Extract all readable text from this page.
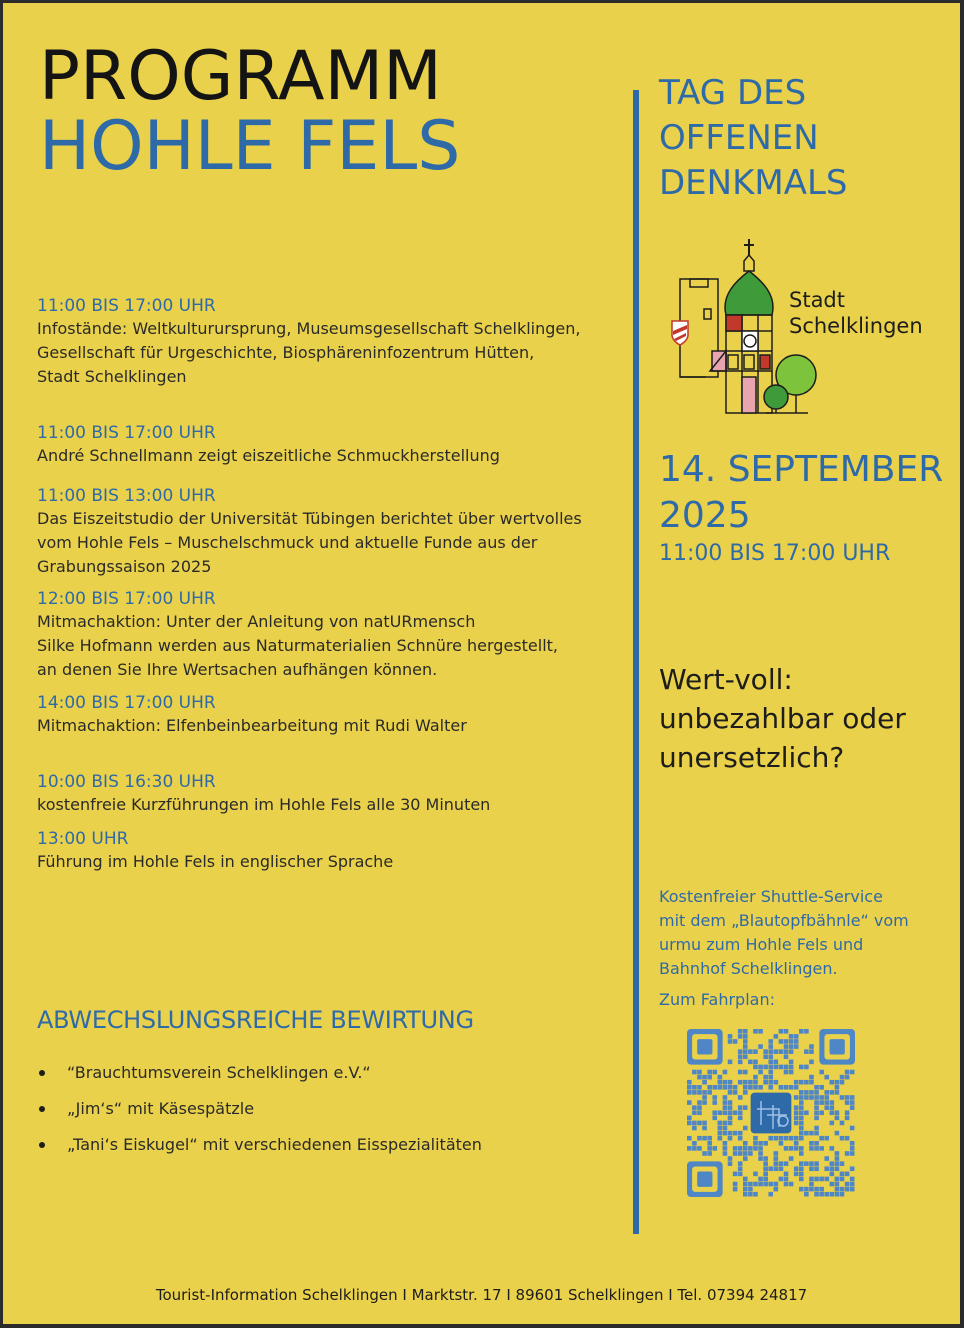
PROGRAMM
HOHLE FELS
11:00 BIS 17:00 UHR
Infostände: Weltkulturursprung, Museumsgesellschaft Schelklingen,
Gesellschaft für Urgeschichte, Biosphäreninfozentrum Hütten,
Stadt Schelklingen
11:00 BIS 17:00 UHR
André Schnellmann zeigt eiszeitliche Schmuckherstellung
11:00 BIS 13:00 UHR
Das Eiszeitstudio der Universität Tübingen berichtet über wertvolles
vom Hohle Fels – Muschelschmuck und aktuelle Funde aus der
Grabungssaison 2025
12:00 BIS 17:00 UHR
Mitmachaktion: Unter der Anleitung von natURmensch
Silke Hofmann werden aus Naturmaterialien Schnüre hergestellt,
an denen Sie Ihre Wertsachen aufhängen können.
14:00 BIS 17:00 UHR
Mitmachaktion: Elfenbeinbearbeitung mit Rudi Walter
10:00 BIS 16:30 UHR
kostenfreie Kurzführungen im Hohle Fels alle 30 Minuten
13:00 UHR
Führung im Hohle Fels in englischer Sprache
ABWECHSLUNGSREICHE BEWIRTUNG
“Brauchtumsverein Schelklingen e.V.“
„Jim‘s“ mit Käsespätzle
„Tani‘s Eiskugel“ mit verschiedenen Eisspezialitäten
TAG DES
OFFENEN
DENKMALS
Stadt
Schelklingen
14. SEPTEMBER
2025
11:00 BIS 17:00 UHR
Wert-voll:
unbezahlbar oder
unersetzlich?
Kostenfreier Shuttle-Service
mit dem „Blautopfbähnle“ vom
urmu zum Hohle Fels und
Bahnhof Schelklingen.
Zum Fahrplan:
Tourist-Information Schelklingen I Marktstr. 17 I 89601 Schelklingen I Tel. 07394 24817
